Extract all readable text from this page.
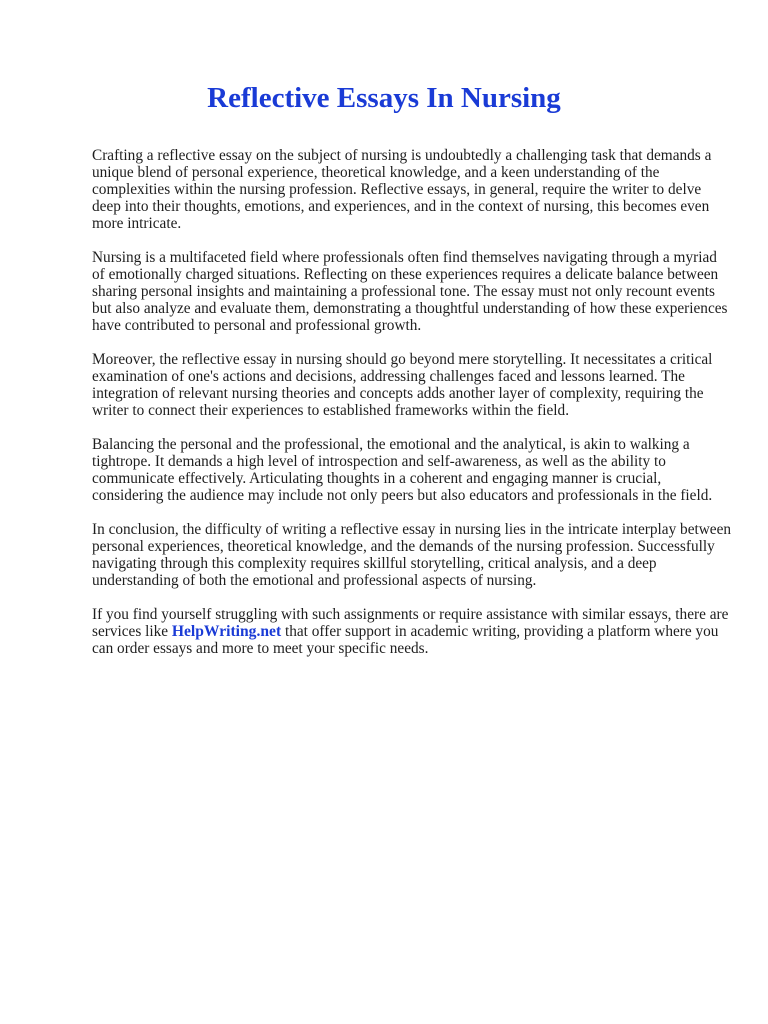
Reflective Essays In Nursing

Crafting a reflective essay on the subject of nursing is undoubtedly a challenging task that demands a unique blend of personal experience, theoretical knowledge, and a keen understanding of the complexities within the nursing profession. Reflective essays, in general, require the writer to delve deep into their thoughts, emotions, and experiences, and in the context of nursing, this becomes even more intricate.

Nursing is a multifaceted field where professionals often find themselves navigating through a myriad of emotionally charged situations. Reflecting on these experiences requires a delicate balance between sharing personal insights and maintaining a professional tone. The essay must not only recount events but also analyze and evaluate them, demonstrating a thoughtful understanding of how these experiences have contributed to personal and professional growth.

Moreover, the reflective essay in nursing should go beyond mere storytelling. It necessitates a critical examination of one's actions and decisions, addressing challenges faced and lessons learned. The integration of relevant nursing theories and concepts adds another layer of complexity, requiring the writer to connect their experiences to established frameworks within the field.

Balancing the personal and the professional, the emotional and the analytical, is akin to walking a tightrope. It demands a high level of introspection and self-awareness, as well as the ability to communicate effectively. Articulating thoughts in a coherent and engaging manner is crucial, considering the audience may include not only peers but also educators and professionals in the field.

In conclusion, the difficulty of writing a reflective essay in nursing lies in the intricate interplay between personal experiences, theoretical knowledge, and the demands of the nursing profession. Successfully navigating through this complexity requires skillful storytelling, critical analysis, and a deep understanding of both the emotional and professional aspects of nursing.

If you find yourself struggling with such assignments or require assistance with similar essays, there are services like HelpWriting.net that offer support in academic writing, providing a platform where you can order essays and more to meet your specific needs.
